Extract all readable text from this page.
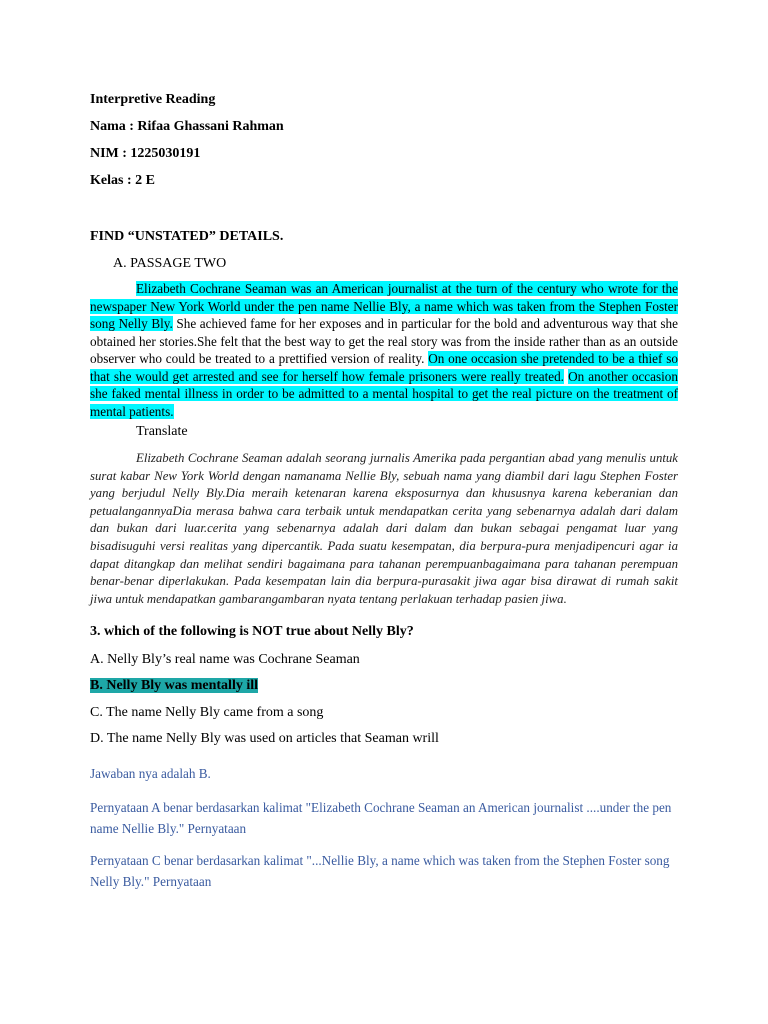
Interpretive Reading
Nama : Rifaa Ghassani Rahman
NIM : 1225030191
Kelas : 2 E
FIND “UNSTATED” DETAILS.
A. PASSAGE TWO
Elizabeth Cochrane Seaman was an American journalist at the turn of the century who wrote for the newspaper New York World under the pen name Nellie Bly, a name which was taken from the Stephen Foster song Nelly Bly. She achieved fame for her exposes and in particular for the bold and adventurous way that she obtained her stories.She felt that the best way to get the real story was from the inside rather than as an outside observer who could be treated to a prettified version of reality. On one occasion she pretended to be a thief so that she would get arrested and see for herself how female prisoners were really treated. On another occasion she faked mental illness in order to be admitted to a mental hospital to get the real picture on the treatment of mental patients.
Translate
Elizabeth Cochrane Seaman adalah seorang jurnalis Amerika pada pergantian abad yang menulis untuk surat kabar New York World dengan namanama Nellie Bly, sebuah nama yang diambil dari lagu Stephen Foster yang berjudul Nelly Bly.Dia meraih ketenaran karena eksposurnya dan khususnya karena keberanian dan petualangannyaDia merasa bahwa cara terbaik untuk mendapatkan cerita yang sebenarnya adalah dari dalam dan bukan dari luar.cerita yang sebenarnya adalah dari dalam dan bukan sebagai pengamat luar yang bisadisuguhi versi realitas yang dipercantik. Pada suatu kesempatan, dia berpura-pura menjadipencuri agar ia dapat ditangkap dan melihat sendiri bagaimana para tahanan perempuanbagaimana para tahanan perempuan benar-benar diperlakukan. Pada kesempatan lain dia berpura-purasakit jiwa agar bisa dirawat di rumah sakit jiwa untuk mendapatkan gambarangambaran nyata tentang perlakuan terhadap pasien jiwa.
3. which of the following is NOT true about Nelly Bly?
A. Nelly Bly’s real name was Cochrane Seaman
B. Nelly Bly was mentally ill
C. The name Nelly Bly came from a song
D. The name Nelly Bly was used on articles that Seaman wrill
Jawaban nya adalah B.
Pernyataan A benar berdasarkan kalimat "Elizabeth Cochrane Seaman an American journalist ....under the pen name Nellie Bly." Pernyataan
Pernyataan C benar berdasarkan kalimat "...Nellie Bly, a name which was taken from the Stephen Foster song Nelly Bly." Pernyataan
